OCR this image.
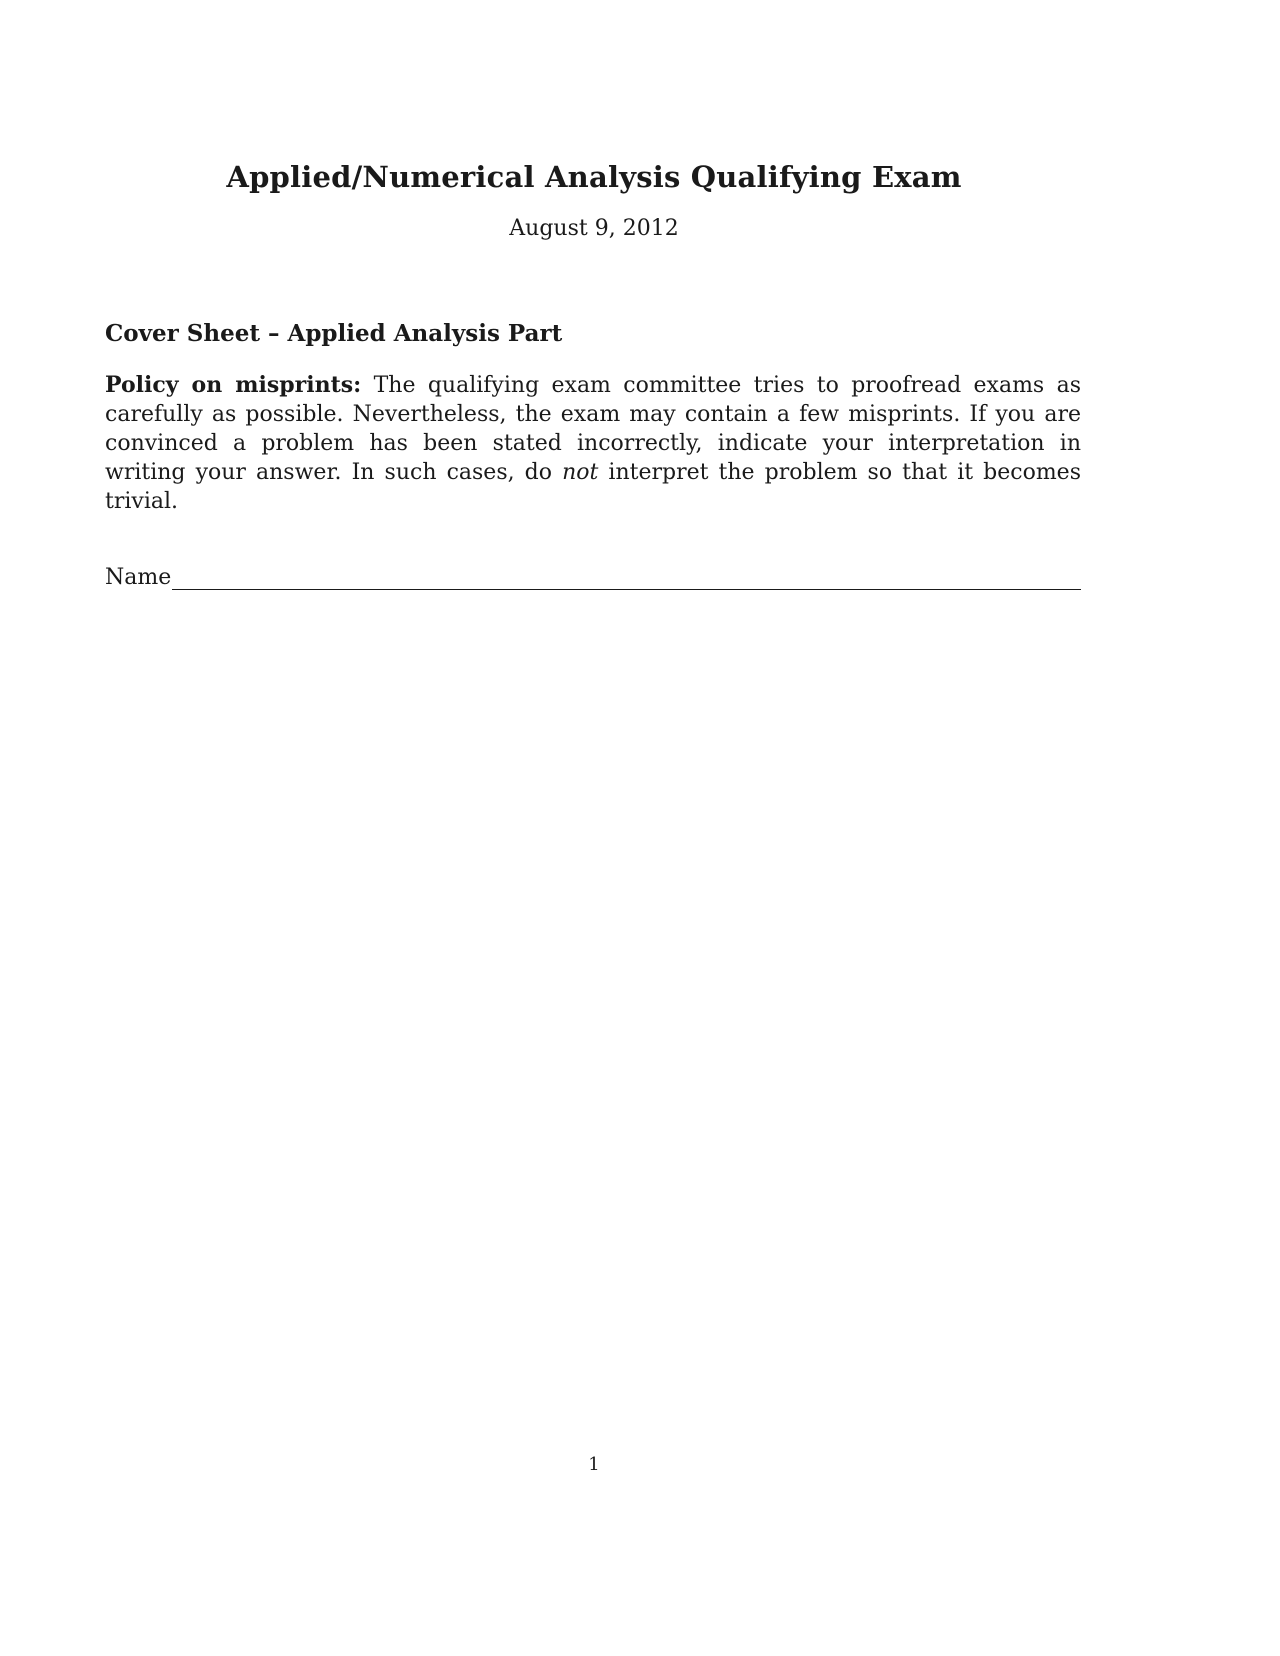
Applied/Numerical Analysis Qualifying Exam
August 9, 2012
Cover Sheet – Applied Analysis Part
Policy on misprints: The qualifying exam committee tries to proofread exams as carefully as possible. Nevertheless, the exam may contain a few misprints. If you are convinced a problem has been stated incorrectly, indicate your interpretation in writing your answer. In such cases, do not interpret the problem so that it becomes trivial.
Name
1
